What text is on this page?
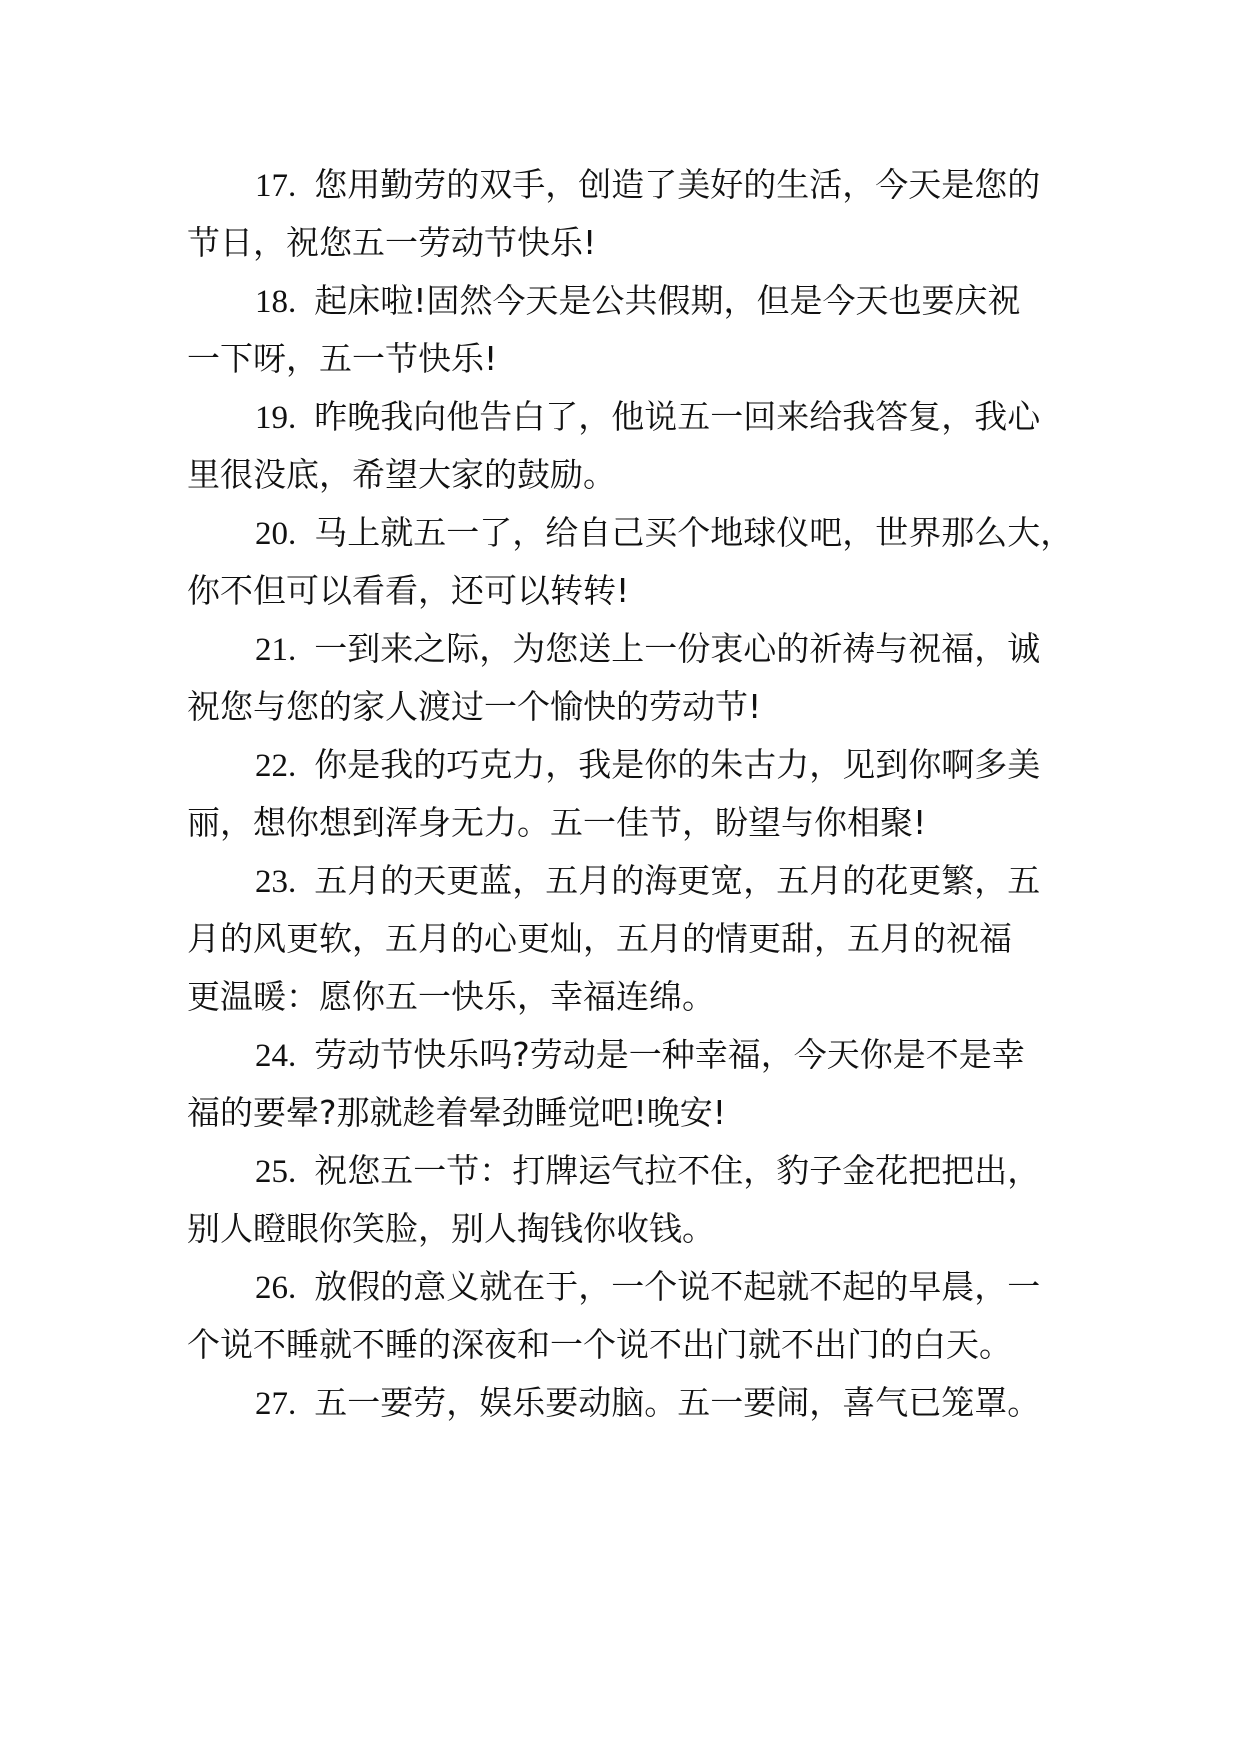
17. 您用勤劳的双手，创造了美好的生活，今天是您的
节日，祝您五一劳动节快乐!
18. 起床啦!固然今天是公共假期，但是今天也要庆祝
一下呀，五一节快乐!
19. 昨晚我向他告白了，他说五一回来给我答复，我心
里很没底，希望大家的鼓励。
20. 马上就五一了，给自己买个地球仪吧，世界那么大，
你不但可以看看，还可以转转!
21. 一到来之际，为您送上一份衷心的祈祷与祝福，诚
祝您与您的家人渡过一个愉快的劳动节!
22. 你是我的巧克力，我是你的朱古力，见到你啊多美
丽，想你想到浑身无力。五一佳节，盼望与你相聚!
23. 五月的天更蓝，五月的海更宽，五月的花更繁，五
月的风更软，五月的心更灿，五月的情更甜，五月的祝福
更温暖：愿你五一快乐，幸福连绵。
24. 劳动节快乐吗?劳动是一种幸福，今天你是不是幸
福的要晕?那就趁着晕劲睡觉吧!晚安!
25. 祝您五一节：打牌运气拉不住，豹子金花把把出，
别人瞪眼你笑脸，别人掏钱你收钱。
26. 放假的意义就在于，一个说不起就不起的早晨，一
个说不睡就不睡的深夜和一个说不出门就不出门的白天。
27. 五一要劳，娱乐要动脑。五一要闹，喜气已笼罩。
